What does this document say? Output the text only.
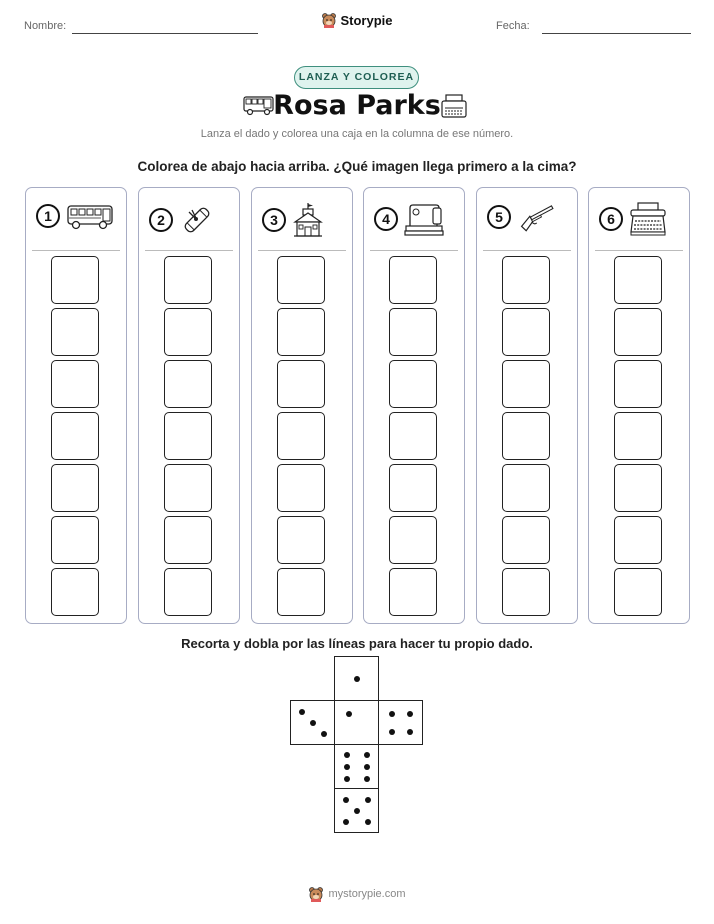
Nombre:	Storypie	Fecha:
LANZA Y COLOREA
Rosa Parks
Lanza el dado y colorea una caja en la columna de ese número.
Colorea de abajo hacia arriba. ¿Qué imagen llega primero a la cima?
1	2	3	4	5	6
Recorta y dobla por las líneas para hacer tu propio dado.
mystorypie.com
